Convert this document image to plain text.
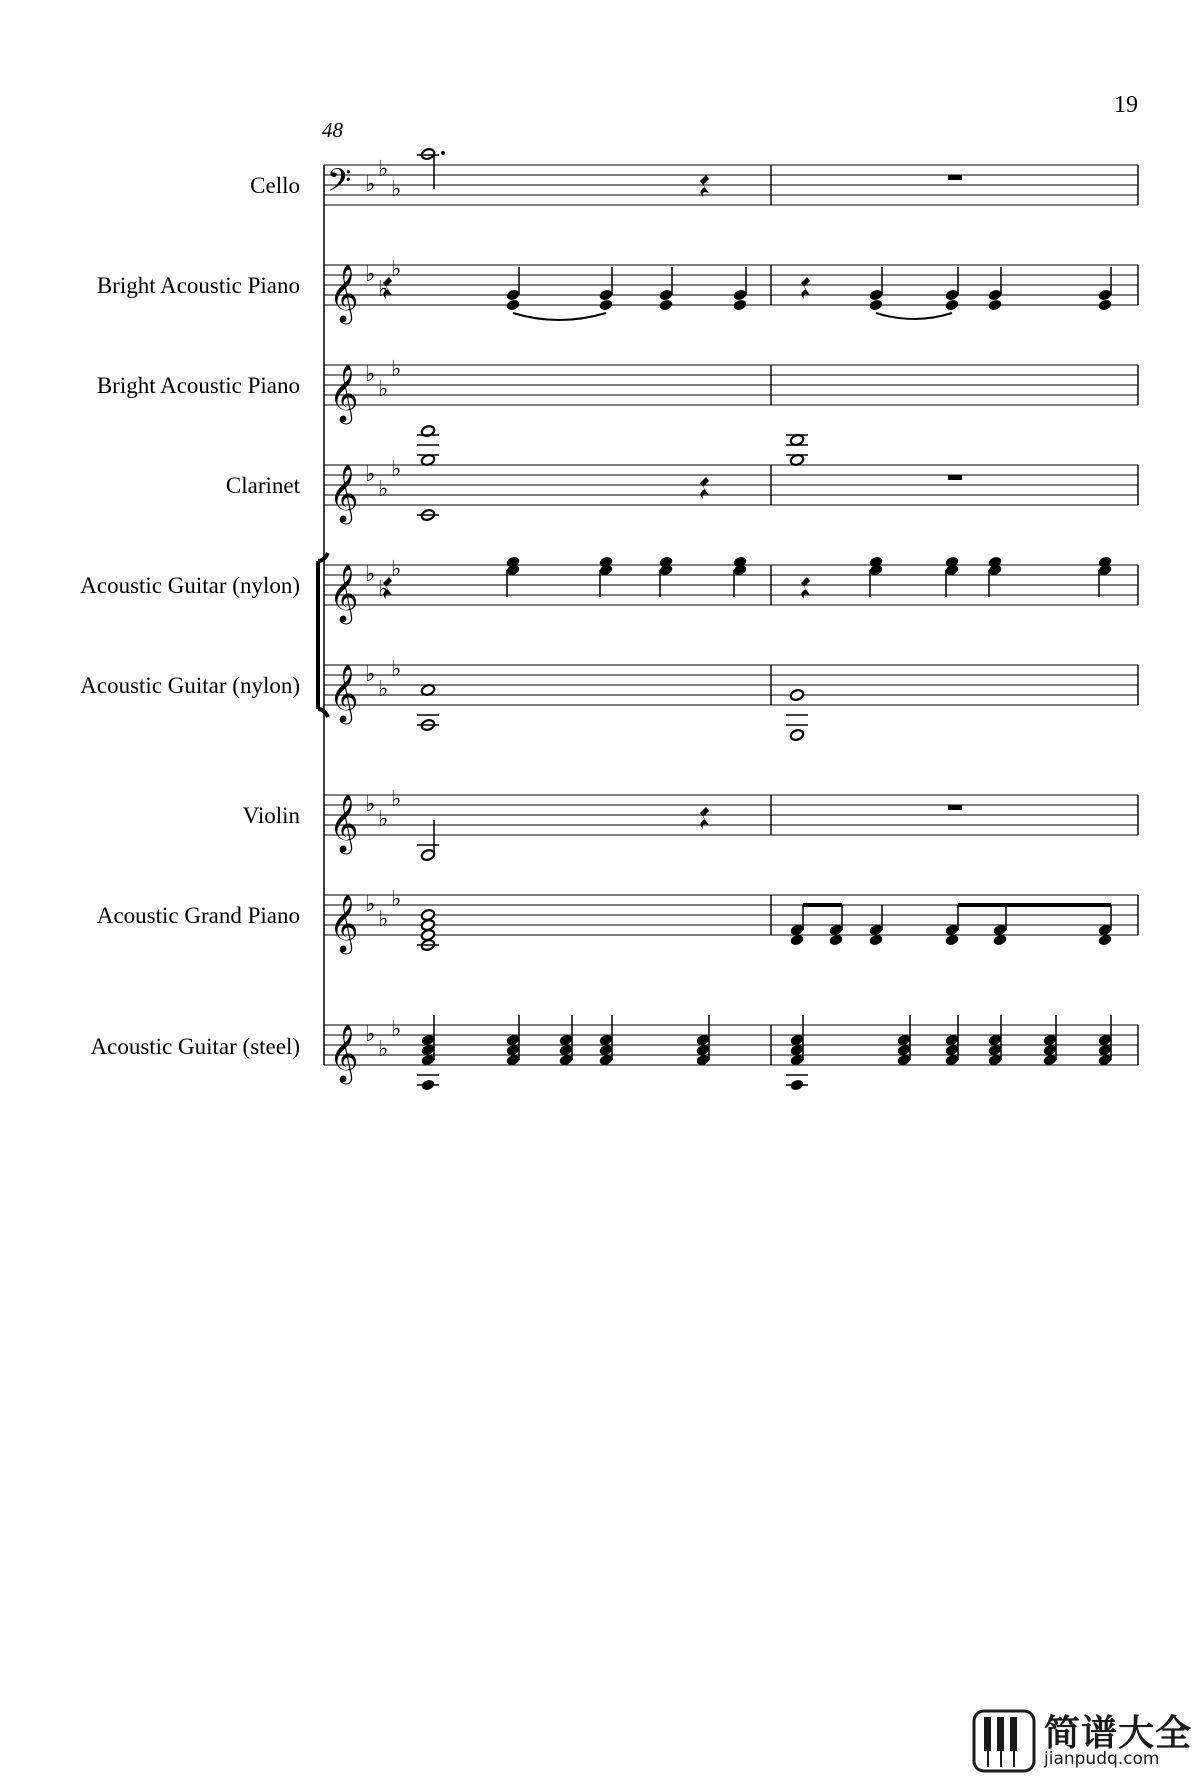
𝄢 ♭
♭
♭
𝄞 ♭
♭
♭
𝄞 ♭
♭
♭
𝄞 ♭
♭
♭
𝄞 ♭
♭
♭
𝄞 ♭
♭
♭
𝄞 ♭
♭
♭
𝄞 ♭
♭
♭
𝄞 ♭
♭
♭
19
48
Cello
Bright Acoustic Piano
Bright Acoustic Piano
Clarinet
Acoustic Guitar (nylon)
Acoustic Guitar (nylon)
Violin
Acoustic Grand Piano
Acoustic Guitar (steel)
简谱大全
jianpudq.com
